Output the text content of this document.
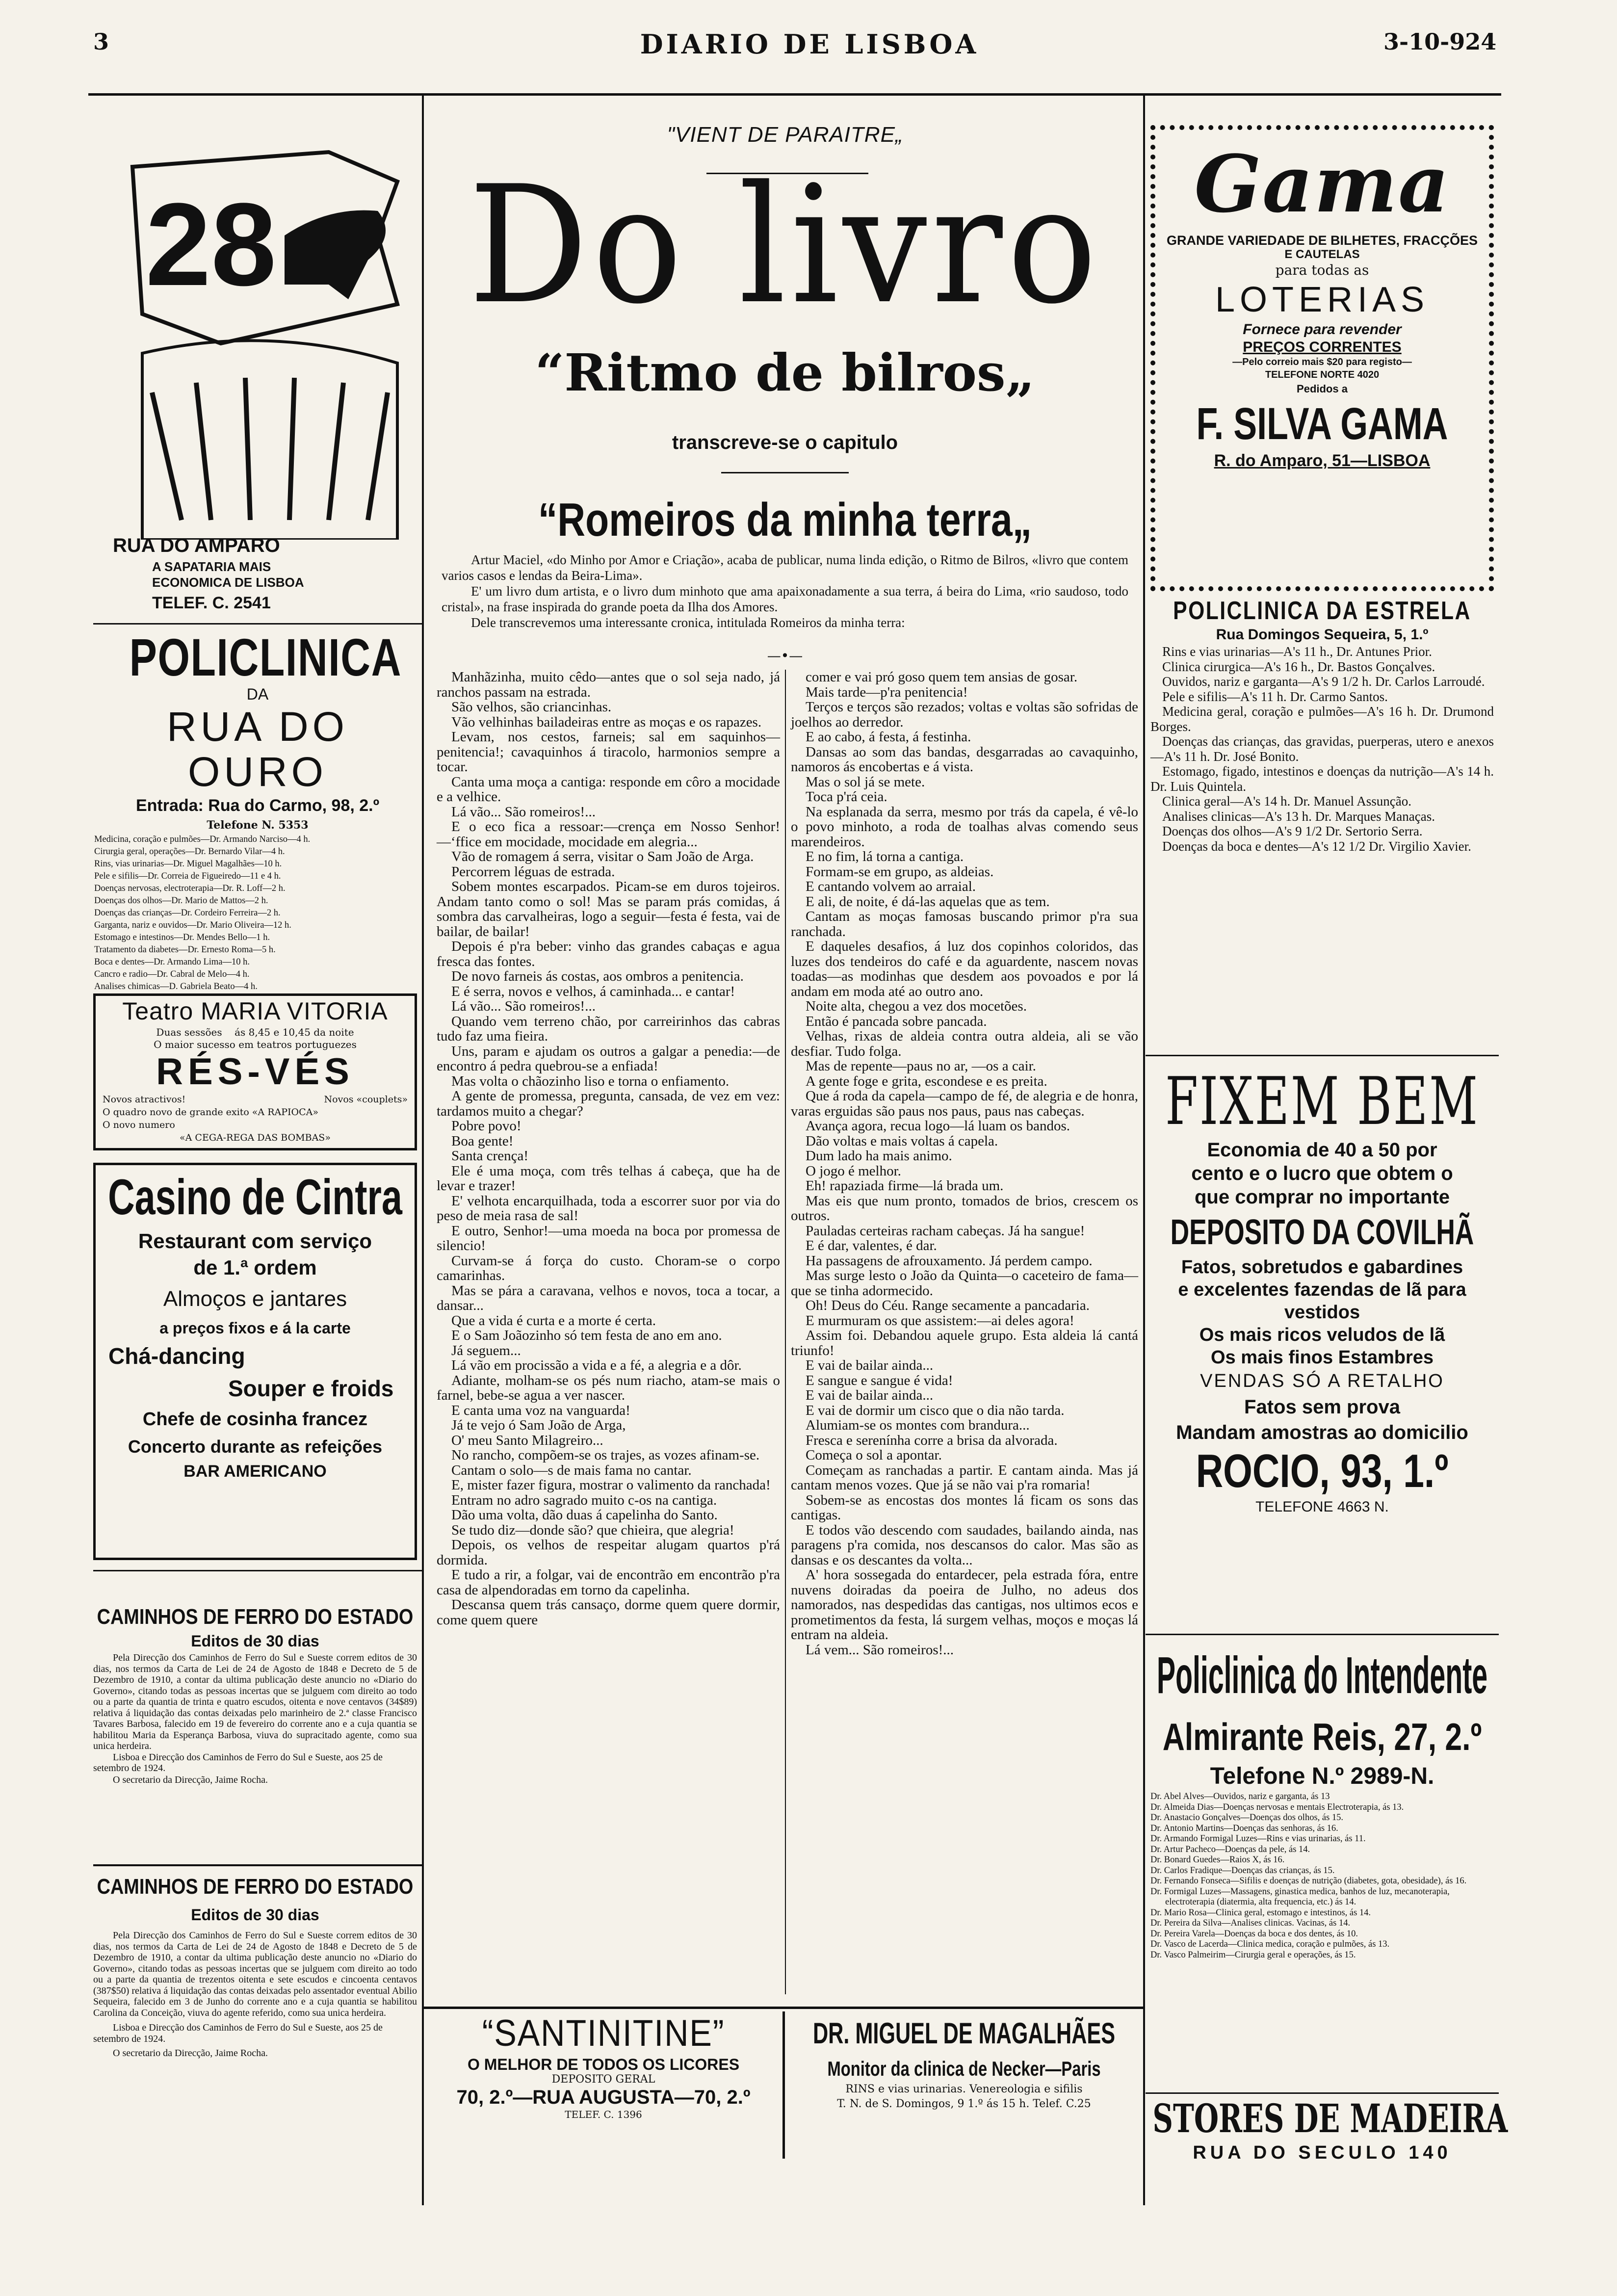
3	DIARIO DE LISBOA	3-10-924
28
RUA DO AMPARO
A SAPATARIA MAIS
ECONOMICA DE LISBOA
TELEF. C. 2541
POLICLINICA
DA
RUA DO OURO
Entrada: Rua do Carmo, 98, 2.º
Telefone N. 5353
Medicina, coração e pulmões—Dr. Armando Narciso—4 h.
Cirurgia geral, operações—Dr. Bernardo Vilar—4 h.
Rins, vias urinarias—Dr. Miguel Magalhães—10 h.
Pele e sifilis—Dr. Correia de Figueiredo—11 e 4 h.
Doenças nervosas, electroterapia—Dr. R. Loff—2 h.
Doenças dos olhos—Dr. Mario de Mattos—2 h.
Doenças das crianças—Dr. Cordeiro Ferreira—2 h.
Garganta, nariz e ouvidos—Dr. Mario Oliveira—12 h.
Estomago e intestinos—Dr. Mendes Bello—1 h.
Tratamento da diabetes—Dr. Ernesto Roma—5 h.
Boca e dentes—Dr. Armando Lima—10 h.
Cancro e radio—Dr. Cabral de Melo—4 h.
Analises chimicas—D. Gabriela Beato—4 h.
Teatro MARIA VITORIA
Duas sessões    ás 8,45 e 10,45 da noite
O maior sucesso em teatros portuguezes
RÉS-VÉS
Novos atractivos!	Novos «couplets»
O quadro novo de grande exito «A RAPIOCA»
O novo numero
«A CEGA-REGA DAS BOMBAS»
Casino de Cintra
Restaurant com serviço
de 1.ª ordem
Almoços e jantares
a preços fixos e á la carte
Chá-dancing
Souper e froids
Chefe de cosinha francez
Concerto durante as refeições
BAR AMERICANO
CAMINHOS DE FERRO DO ESTADO
Editos de 30 dias
Pela Direcção dos Caminhos de Ferro do Sul e Sueste correm editos de 30 dias, nos termos da Carta de Lei de 24 de Agosto de 1848 e Decreto de 5 de Dezembro de 1910, a contar da ultima publicação deste anuncio no «Diario do Governo», citando todas as pessoas incertas que se julguem com direito ao todo ou a parte da quantia de trinta e quatro escudos, oitenta e nove centavos (34$89) relativa á liquidação das contas deixadas pelo marinheiro de 2.ª classe Francisco Tavares Barbosa, falecido em 19 de fevereiro do corrente ano e a cuja quantia se habilitou Maria da Esperança Barbosa, viuva do supracitado agente, como sua unica herdeira.
Lisboa e Direcção dos Caminhos de Ferro do Sul e Sueste, aos 25 de setembro de 1924.
O secretario da Direcção, Jaime Rocha.
CAMINHOS DE FERRO DO ESTADO
Editos de 30 dias
Pela Direcção dos Caminhos de Ferro do Sul e Sueste correm editos de 30 dias, nos termos da Carta de Lei de 24 de Agosto de 1848 e Decreto de 5 de Dezembro de 1910, a contar da ultima publicação deste anuncio no «Diario do Governo», citando todas as pessoas incertas que se julguem com direito ao todo ou a parte da quantia de trezentos oitenta e sete escudos e cincoenta centavos (387$50) relativa á liquidação das contas deixadas pelo assentador eventual Abilio Sequeira, falecido em 3 de Junho do corrente ano e a cuja quantia se habilitou Carolina da Conceição, viuva do agente referido, como sua unica herdeira.
Lisboa e Direcção dos Caminhos de Ferro do Sul e Sueste, aos 25 de setembro de 1924.
O secretario da Direcção, Jaime Rocha.
"VIENT DE PARAITRE„
Do livro
“Ritmo de bilros„
transcreve-se o capitulo
“Romeiros da minha terra„

Artur Maciel, «do Minho por Amor e Criação», acaba de publicar, numa linda edição, o Ritmo de Bilros, «livro que contem varios casos e lendas da Beira-Lima».

E' um livro dum artista, e o livro dum minhoto que ama apaixonadamente a sua terra, á beira do Lima, «rio saudoso, todo cristal», na frase inspirada do grande poeta da Ilha dos Amores.

Dele transcrevemos uma interessante cronica, intitulada Romeiros da minha terra:

—•—

Manhãzinha, muito cêdo—antes que o sol seja nado, já ranchos passam na estrada.

São velhos, são criancinhas.

Vão velhinhas bailadeiras entre as moças e os rapazes.

Levam, nos cestos, farneis; sal em saquinhos—penitencia!; cavaquinhos á tiracolo, harmonios sempre a tocar.

Canta uma moça a cantiga: responde em côro a mocidade e a velhice.

Lá vão... São romeiros!...

E o eco fica a ressoar:—crença em Nosso Senhor!—‘ffice em mocidade, mocidade em alegria...

Vão de romagem á serra, visitar o Sam João de Arga.

Percorrem léguas de estrada.

Sobem montes escarpados. Picam-se em duros tojeiros. Andam tanto como o sol! Mas se param prás comidas, á sombra das carvalheiras, logo a seguir—festa é festa, vai de bailar, de bailar!

Depois é p'ra beber: vinho das grandes cabaças e agua fresca das fontes.

De novo farneis ás costas, aos ombros a penitencia.

E é serra, novos e velhos, á caminhada... e cantar!

Lá vão... São romeiros!...

Quando vem terreno chão, por carreirinhos das cabras tudo faz uma fieira.

Uns, param e ajudam os outros a galgar a penedia:—de encontro á pedra quebrou-se a enfiada!

Mas volta o chãozinho liso e torna o enfiamento.

A gente de promessa, pregunta, cansada, de vez em vez: tardamos muito a chegar?

Pobre povo!

Boa gente!

Santa crença!

Ele é uma moça, com três telhas á cabeça, que ha de levar e trazer!

E' velhota encarquilhada, toda a escorrer suor por via do peso de meia rasa de sal!

E outro, Senhor!—uma moeda na boca por promessa de silencio!

Curvam-se á força do custo. Choram-se o corpo camarinhas.

Mas se pára a caravana, velhos e novos, toca a tocar, a dansar...

Que a vida é curta e a morte é certa.

E o Sam Joãozinho só tem festa de ano em ano.

Já seguem...

Lá vão em procissão a vida e a fé, a alegria e a dôr.

Adiante, molham-se os pés num riacho, atam-se mais o farnel, bebe-se agua a ver nascer.

E canta uma voz na vanguarda!

Já te vejo ó Sam João de Arga,

O' meu Santo Milagreiro...

No rancho, compõem-se os trajes, as vozes afinam-se.

Cantam o solo—s de mais fama no cantar.

E, mister fazer figura, mostrar o valimento da ranchada!

Entram no adro sagrado muito c-os na cantiga.

Dão uma volta, dão duas á capelinha do Santo.

Se tudo diz—donde são? que chieira, que alegria!

Depois, os velhos de respeitar alugam quartos p'rá dormida.

E tudo a rir, a folgar, vai de encontrão em encontrão p'ra casa de alpendoradas em torno da capelinha.

Descansa quem trás cansaço, dorme quem quere dormir, come quem quere

comer e vai pró goso quem tem ansias de gosar.

Mais tarde—p'ra penitencia!

Terços e terços são rezados; voltas e voltas são sofridas de joelhos ao derredor.

E ao cabo, á festa, á festinha.

Dansas ao som das bandas, desgarradas ao cavaquinho, namoros ás encobertas e á vista.

Mas o sol já se mete.

Toca p'rá ceia.

Na esplanada da serra, mesmo por trás da capela, é vê-lo o povo minhoto, a roda de toalhas alvas comendo seus marendeiros.

E no fim, lá torna a cantiga.

Formam-se em grupo, as aldeias.

E cantando volvem ao arraial.

E ali, de noite, é dá-las aquelas que as tem.

Cantam as moças famosas buscando primor p'ra sua ranchada.

E daqueles desafios, á luz dos copinhos coloridos, das luzes dos tendeiros do café e da aguardente, nascem novas toadas—as modinhas que desdem aos povoados e por lá andam em moda até ao outro ano.

Noite alta, chegou a vez dos mocetões.

Então é pancada sobre pancada.

Velhas, rixas de aldeia contra outra aldeia, ali se vão desfiar. Tudo folga.

Mas de repente—paus no ar, —os a cair.

A gente foge e grita, escondese e es preita.

Que á roda da capela—campo de fé, de alegria e de honra, varas erguidas são paus nos paus, paus nas cabeças.

Avança agora, recua logo—lá luam os bandos.

Dão voltas e mais voltas á capela.

Dum lado ha mais animo.

O jogo é melhor.

Eh! rapaziada firme—lá brada um.

Mas eis que num pronto, tomados de brios, crescem os outros.

Pauladas certeiras racham cabeças. Já ha sangue!

E é dar, valentes, é dar.

Ha passagens de afrouxamento. Já perdem campo.

Mas surge lesto o João da Quinta—o caceteiro de fama—que se tinha adormecido.

Oh! Deus do Céu. Range secamente a pancadaria.

E murmuram os que assistem:—ai deles agora!

Assim foi. Debandou aquele grupo. Esta aldeia lá cantá triunfo!

E vai de bailar ainda...

E sangue e sangue é vida!

E vai de bailar ainda...

E vai de dormir um cisco que o dia não tarda.

Alumiam-se os montes com brandura...

Fresca e serenínha corre a brisa da alvorada.

Começa o sol a apontar.

Começam as ranchadas a partir. E cantam ainda. Mas já cantam menos vozes. Que já se não vai p'ra romaria!

Sobem-se as encostas dos montes lá ficam os sons das cantigas.

E todos vão descendo com saudades, bailando ainda, nas paragens p'ra comida, nos descansos do calor. Mas são as dansas e os descantes da volta...

A' hora sossegada do entardecer, pela estrada fóra, entre nuvens doiradas da poeira de Julho, no adeus dos namorados, nas despedidas das cantigas, nos ultimos ecos e prometimentos da festa, lá surgem velhas, moços e moças lá entram na aldeia.

Lá vem... São romeiros!...

“SANTINITINE”
O MELHOR DE TODOS OS LICORES
DEPOSITO GERAL
70, 2.º—RUA AUGUSTA—70, 2.º
TELEF. C. 1396
DR. MIGUEL DE MAGALHÃES
Monitor da clinica de Necker—Paris
RINS e vias urinarias. Venereologia e sifilis
T. N. de S. Domingos, 9 1.º ás 15 h. Telef. C.25
Gama
GRANDE VARIEDADE DE BILHETES, FRACÇÕES
E CAUTELAS
para todas as
LOTERIAS
Fornece para revender
PREÇOS CORRENTES
—Pelo correio mais $20 para registo—
TELEFONE NORTE 4020
Pedidos a
F. SILVA GAMA
R. do Amparo, 51—LISBOA
POLICLINICA DA ESTRELA
Rua Domingos Sequeira, 5, 1.º
Rins e vias urinarias—A's 11 h., Dr. Antunes Prior.
Clinica cirurgica—A's 16 h., Dr. Bastos Gonçalves.
Ouvidos, nariz e garganta—A's 9 1/2 h. Dr. Carlos Larroudé.
Pele e sifilis—A's 11 h. Dr. Carmo Santos.
Medicina geral, coração e pulmões—A's 16 h. Dr. Drumond Borges.
Doenças das crianças, das gravidas, puerperas, utero e anexos—A's 11 h. Dr. José Bonito.
Estomago, figado, intestinos e doenças da nutrição—A's 14 h. Dr. Luis Quintela.
Clinica geral—A's 14 h. Dr. Manuel Assunção.
Analises clinicas—A's 13 h. Dr. Marques Manaças.
Doenças dos olhos—A's 9 1/2 Dr. Sertorio Serra.
Doenças da boca e dentes—A's 12 1/2 Dr. Virgilio Xavier.
FIXEM BEM
Economia de 40 a 50 por
cento e o lucro que obtem o
que comprar no importante
DEPOSITO DA COVILHÃ
Fatos, sobretudos e gabardines
e excelentes fazendas de lã para
vestidos
Os mais ricos veludos de lã
Os mais finos Estambres
VENDAS SÓ A RETALHO
Fatos sem prova
Mandam amostras ao domicilio
ROCIO, 93, 1.º
TELEFONE 4663 N.
Policlinica do Intendente
Almirante Reis, 27, 2.º
Telefone N.º 2989-N.
Dr. Abel Alves—Ouvidos, nariz e garganta, ás 13
Dr. Almeida Dias—Doenças nervosas e mentais Electroterapia, ás 13.
Dr. Anastacio Gonçalves—Doenças dos olhos, ás 15.
Dr. Antonio Martins—Doenças das senhoras, ás 16.
Dr. Armando Formigal Luzes—Rins e vias urinarias, ás 11.
Dr. Artur Pacheco—Doenças da pele, ás 14.
Dr. Bonard Guedes—Raios X, ás 16.
Dr. Carlos Fradique—Doenças das crianças, ás 15.
Dr. Fernando Fonseca—Sifilis e doenças de nutrição (diabetes, gota, obesidade), ás 16.
Dr. Formigal Luzes—Massagens, ginastica medica, banhos de luz, mecanoterapia, electroterapia (diatermia, alta frequencia, etc.) ás 14.
Dr. Mario Rosa—Clinica geral, estomago e intestinos, ás 14.
Dr. Pereira da Silva—Analises clinicas. Vacinas, ás 14.
Dr. Pereira Varela—Doenças da boca e dos dentes, ás 10.
Dr. Vasco de Lacerda—Clinica medica, coração e pulmões, ás 13.
Dr. Vasco Palmeirim—Cirurgia geral e operações, ás 15.
STORES DE MADEIRA
RUA DO SECULO 140
